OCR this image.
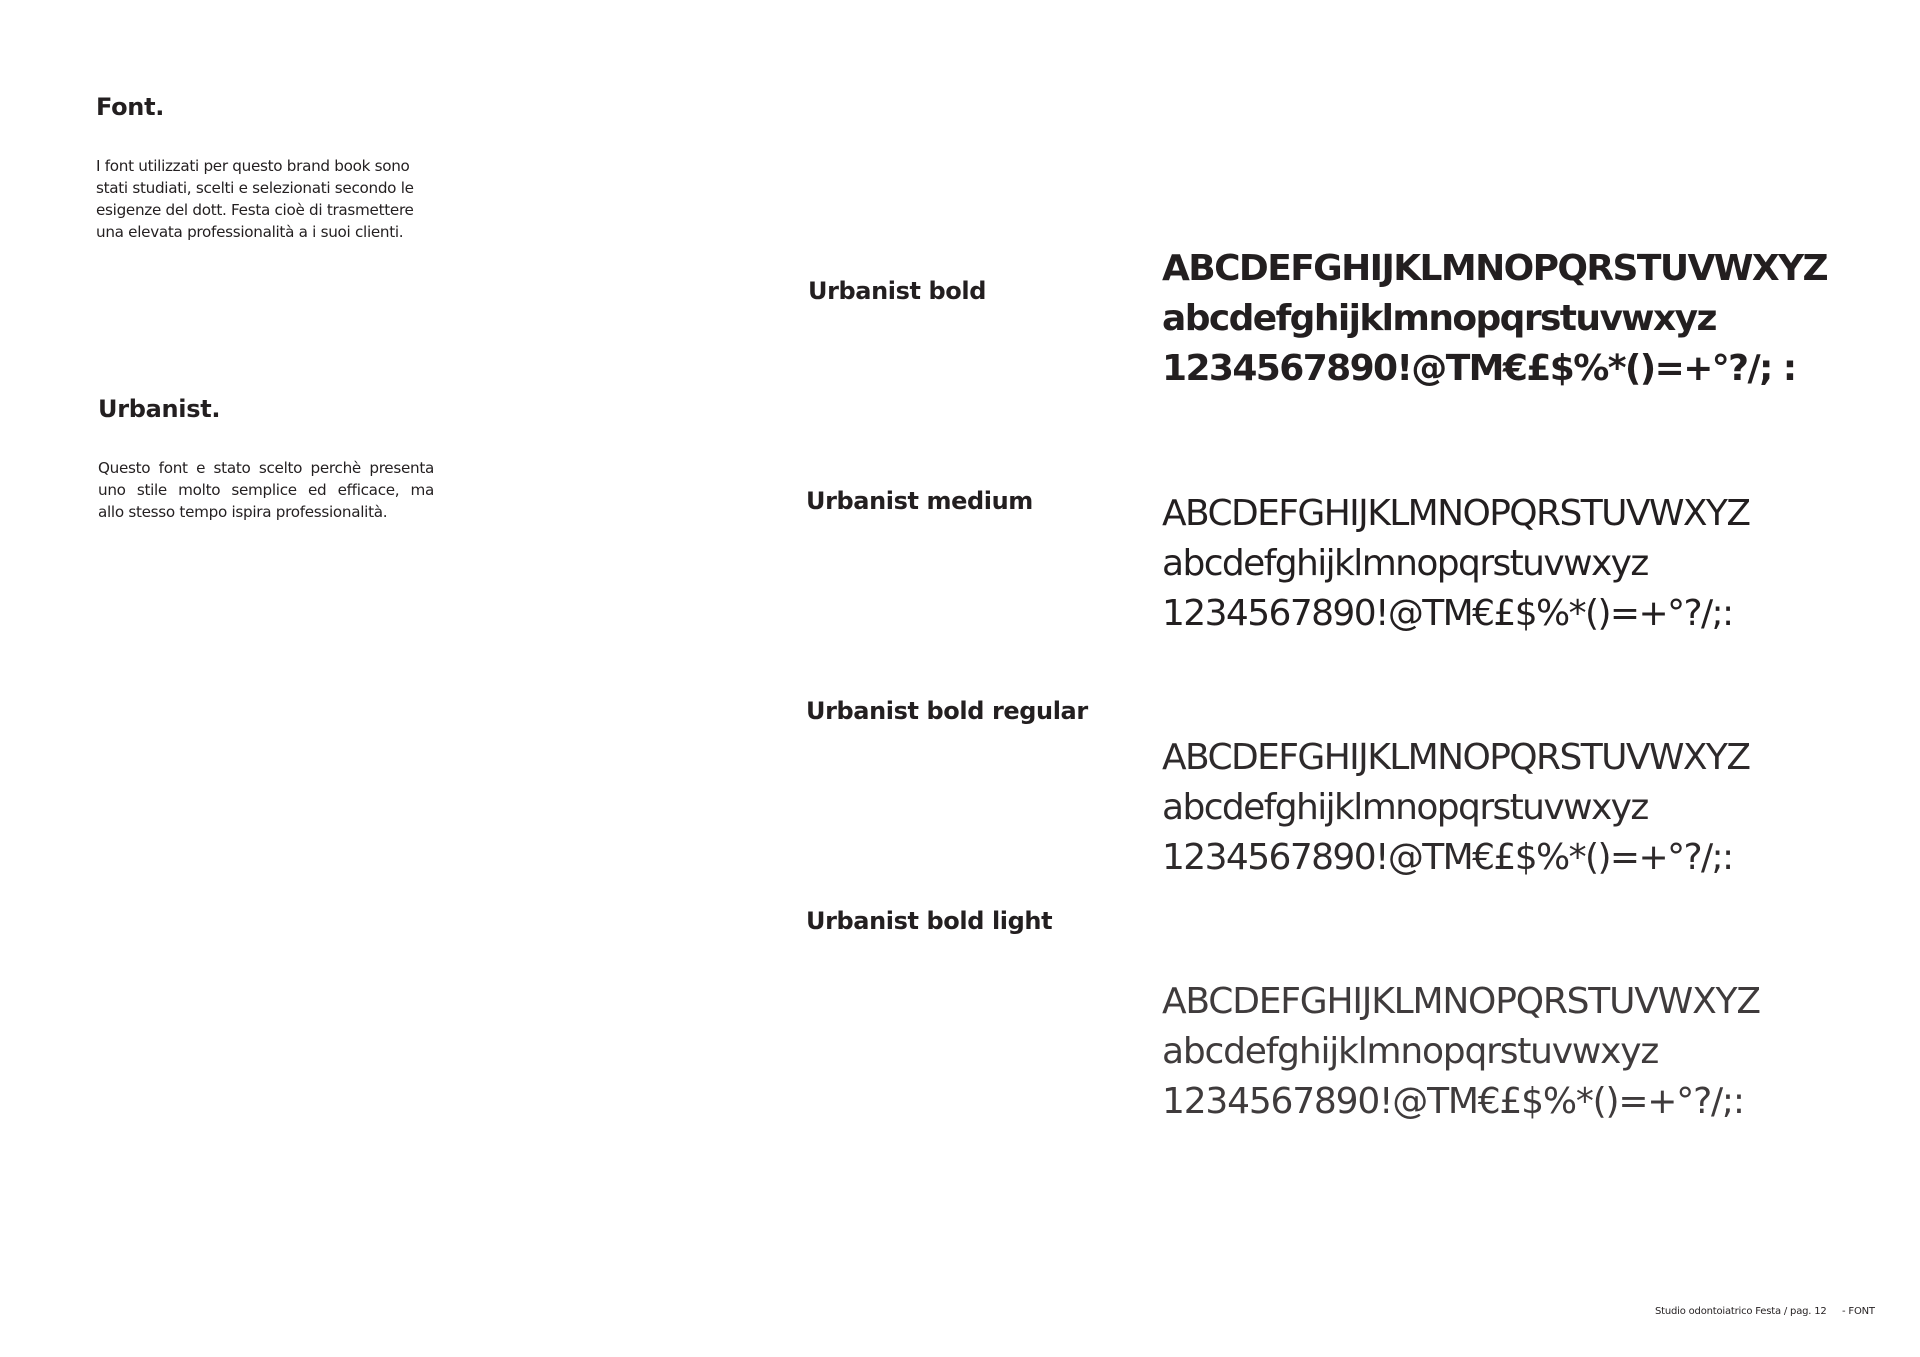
Font.
I font utilizzati per questo brand book sono
stati studiati, scelti e selezionati secondo le
esigenze del dott. Festa cioè di trasmettere
una elevata professionalità a i suoi clienti.
Urbanist.
Questo font e stato scelto perchè presenta
uno stile molto semplice ed efficace, ma
allo stesso tempo ispira professionalità.
Urbanist bold
ABCDEFGHIJKLMNOPQRSTUVWXYZ
abcdefghijklmnopqrstuvwxyz
1234567890!@TM€£$%*()=+°?/; :
Urbanist medium	ABCDEFGHIJKLMNOPQRSTUVWXYZ
abcdefghijklmnopqrstuvwxyz
1234567890!@TM€£$%*()=+°?/;:
Urbanist bold regular
ABCDEFGHIJKLMNOPQRSTUVWXYZ
abcdefghijklmnopqrstuvwxyz
1234567890!@TM€£$%*()=+°?/;:
Urbanist bold light
ABCDEFGHIJKLMNOPQRSTUVWXYZ
abcdefghijklmnopqrstuvwxyz
1234567890!@TM€£$%*()=+°?/;:
Studio odontoiatrico Festa / pag. 12 - FONT
